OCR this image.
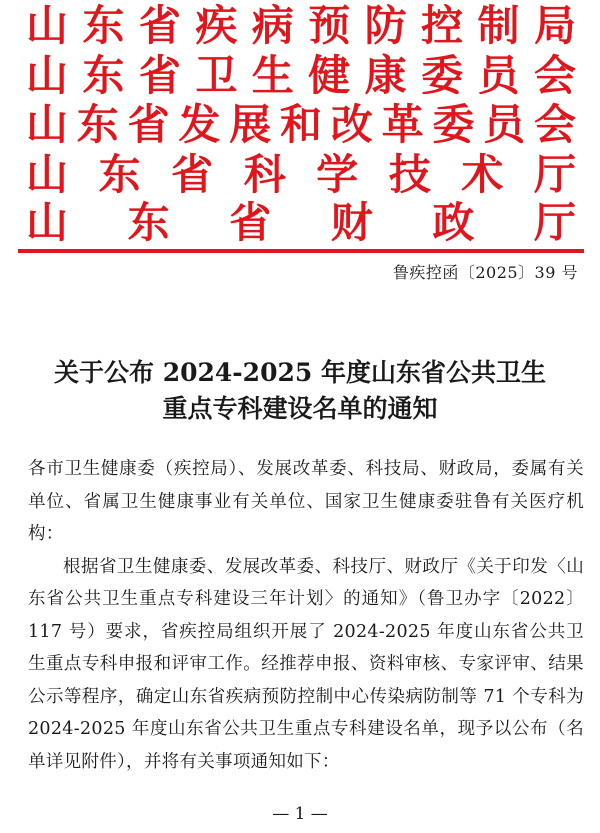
山 东 省 疾 病 预 防 控 制 局
山 东 省 卫 生 健 康 委 员 会
山 东 省 发 展 和 改 革 委 员 会
山 东 省 科 学 技 术 厅
山 东 省 财 政 厅
鲁疾控函〔2025〕39 号
关于公布 2024-2025 年度山东省公共卫生
重点专科建设名单的通知

各市卫生健康委（疾控局）、发展改革委、科技局、财政局，委属有关单位、省属卫生健康事业有关单位、国家卫生健康委驻鲁有关医疗机构：

根据省卫生健康委、发展改革委、科技厅、财政厅《关于印发〈山东省公共卫生重点专科建设三年计划〉的通知》（鲁卫办字〔2022〕117 号）要求，省疾控局组织开展了 2024-2025 年度山东省公共卫生重点专科申报和评审工作。经推荐申报、资料审核、专家评审、结果公示等程序，确定山东省疾病预防控制中心传染病防制等 71 个专科为 2024-2025 年度山东省公共卫生重点专科建设名单，现予以公布（名单详见附件），并将有关事项通知如下：

— 1 —
